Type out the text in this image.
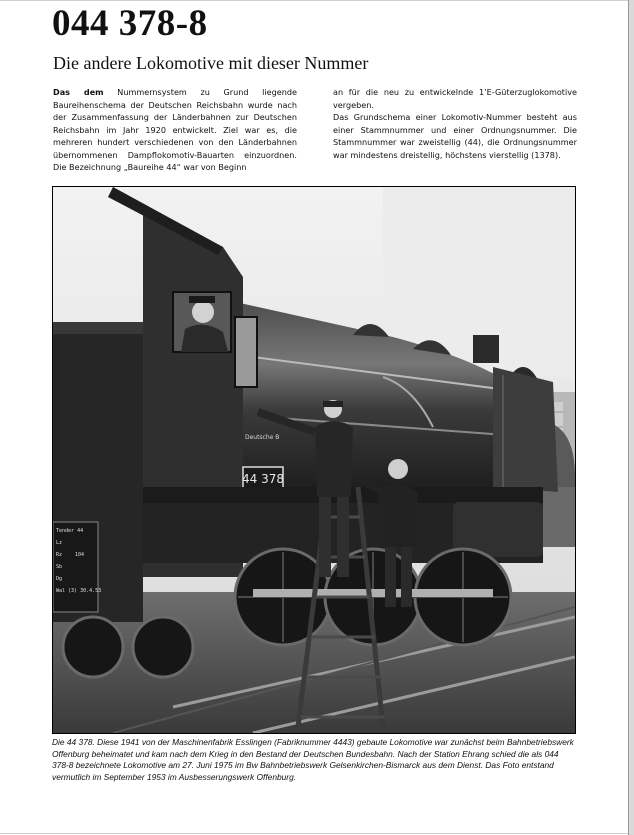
044 378-8
Die andere Lokomotive mit dieser Nummer

Das dem Nummernsystem zu Grund liegende Baureihenschema der Deutschen Reichsbahn wurde nach der Zusammenfassung der Länderbahnen zur Deutschen Reichsbahn im Jahr 1920 entwickelt. Ziel war es, die mehreren hundert verschiedenen von den Länderbahnen übernommenen Dampflokomotiv-Bauarten einzuordnen. Die Bezeichnung „Baureihe 44“ war von Beginn

an für die neu zu entwickelnde 1’E-Güterzuglokomotive vergeben.

Das Grundschema einer Lokomotiv-Nummer besteht aus einer Stammnummer und einer Ordnungsnummer. Die Stammnummer war zweistellig (44), die Ordnungsnummer war mindestens dreistellig, höchstens vierstellig (1378).

44 378
Deutsche B
Tender 44
Lz
Rz	104
Sb
Dg
Wal (3) 30.4.53

Die 44 378. Diese 1941 von der Maschinenfabrik Esslingen (Fabriknummer 4443) gebaute Lokomotive war zunächst beim Bahnbetriebswerk Offenburg beheimatet und kam nach dem Krieg in den Bestand der Deutschen Bundesbahn. Nach der Station Ehrang schied die als 044 378-8 bezeichnete Lokomotive am 27. Juni 1975 im Bw Bahnbetriebswerk Gelsenkirchen-Bismarck aus dem Dienst. Das Foto entstand vermutlich im September 1953 im Ausbesserungswerk Offenburg.
